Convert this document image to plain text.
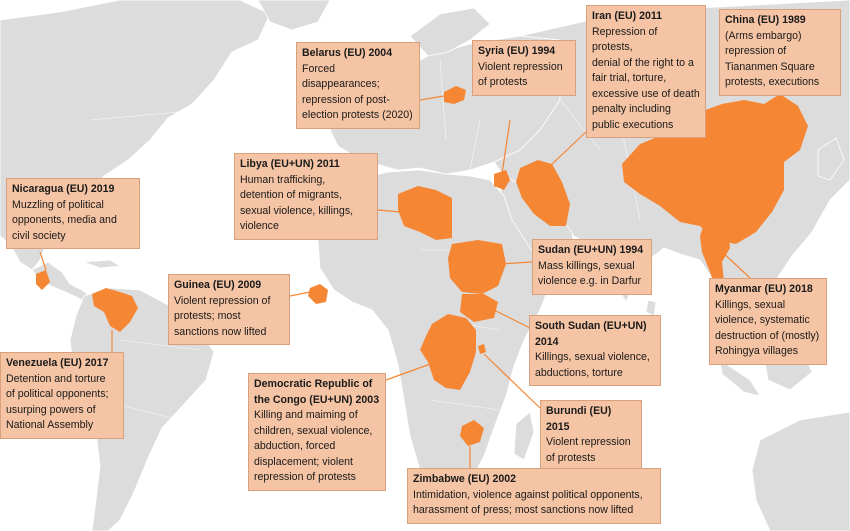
Belarus (EU) 2004
Forced disappearances;
repression of post-
election protests (2020)
Syria (EU) 1994
Violent repression
of protests
Iran (EU) 2011
Repression of protests,
denial of the right to a
fair trial, torture,
excessive use of death
penalty including
public executions
China (EU) 1989
(Arms embargo)
repression of
Tiananmen Square
protests, executions
Libya (EU+UN) 2011
Human trafficking,
detention of migrants,
sexual violence, killings,
violence
Nicaragua (EU) 2019
Muzzling of political
opponents, media and
civil society
Sudan (EU+UN) 1994
Mass killings, sexual
violence e.g. in Darfur
Guinea (EU) 2009
Violent repression of
protests; most
sanctions now lifted
Myanmar (EU) 2018
Killings, sexual
violence, systematic
destruction of (mostly)
Rohingya villages
South Sudan (EU+UN)
2014
Killings, sexual violence,
abductions, torture
Venezuela (EU) 2017
Detention and torture
of political opponents;
usurping powers of
National Assembly
Democratic Republic of
the Congo (EU+UN) 2003
Killing and maiming of
children, sexual violence,
abduction, forced
displacement; violent
repression of protests
Burundi (EU) 2015
Violent repression
of protests
Zimbabwe (EU) 2002
Intimidation, violence against political opponents,
harassment of press; most sanctions now lifted
